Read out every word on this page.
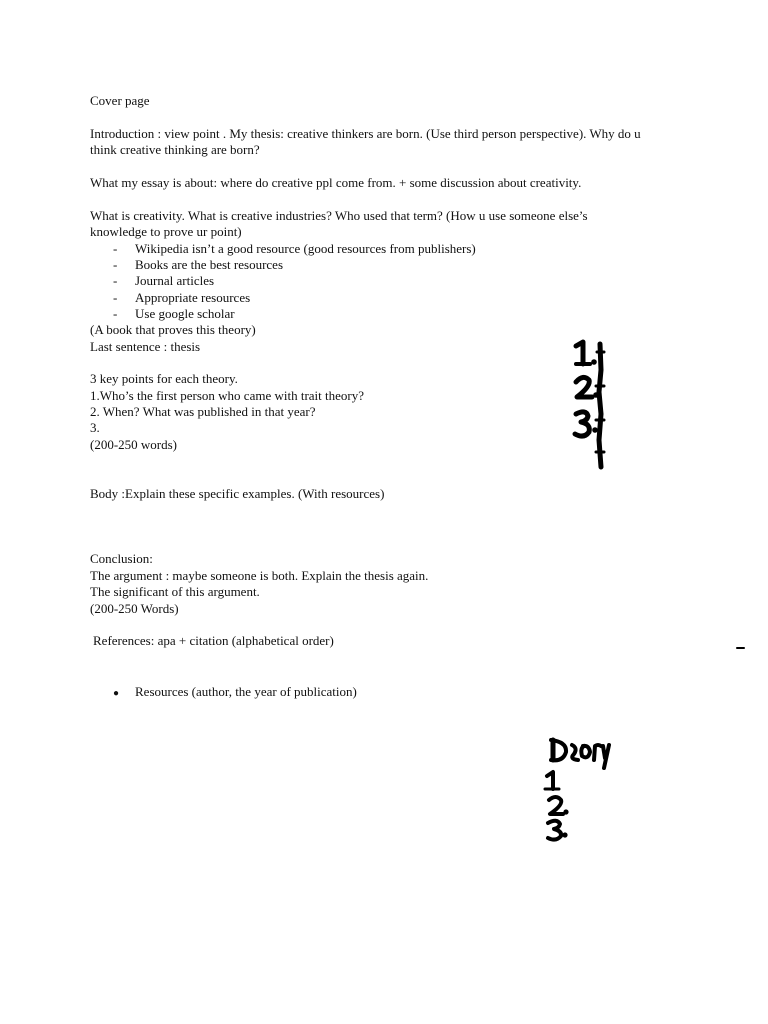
Cover page
Introduction : view point . My thesis: creative thinkers are born. (Use third person perspective). Why do u
think creative thinking are born?
What my essay is about: where do creative ppl come from. + some discussion about creativity.
What is creativity. What is creative industries? Who used that term? (How u use someone else’s
knowledge to prove ur point)
- Wikipedia isn’t a good resource (good resources from publishers)
- Books are the best resources
- Journal articles
- Appropriate resources
- Use google scholar
(A book that proves this theory)
Last sentence : thesis
3 key points for each theory.
1.Who’s the first person who came with trait theory?
2. When? What was published in that year?
3.
(200-250 words)
Body :Explain these specific examples. (With resources)
Conclusion:
The argument : maybe someone is both. Explain the thesis again.
The significant of this argument.
(200-250 Words)
References: apa + citation (alphabetical order)
● Resources (author, the year of publication)
